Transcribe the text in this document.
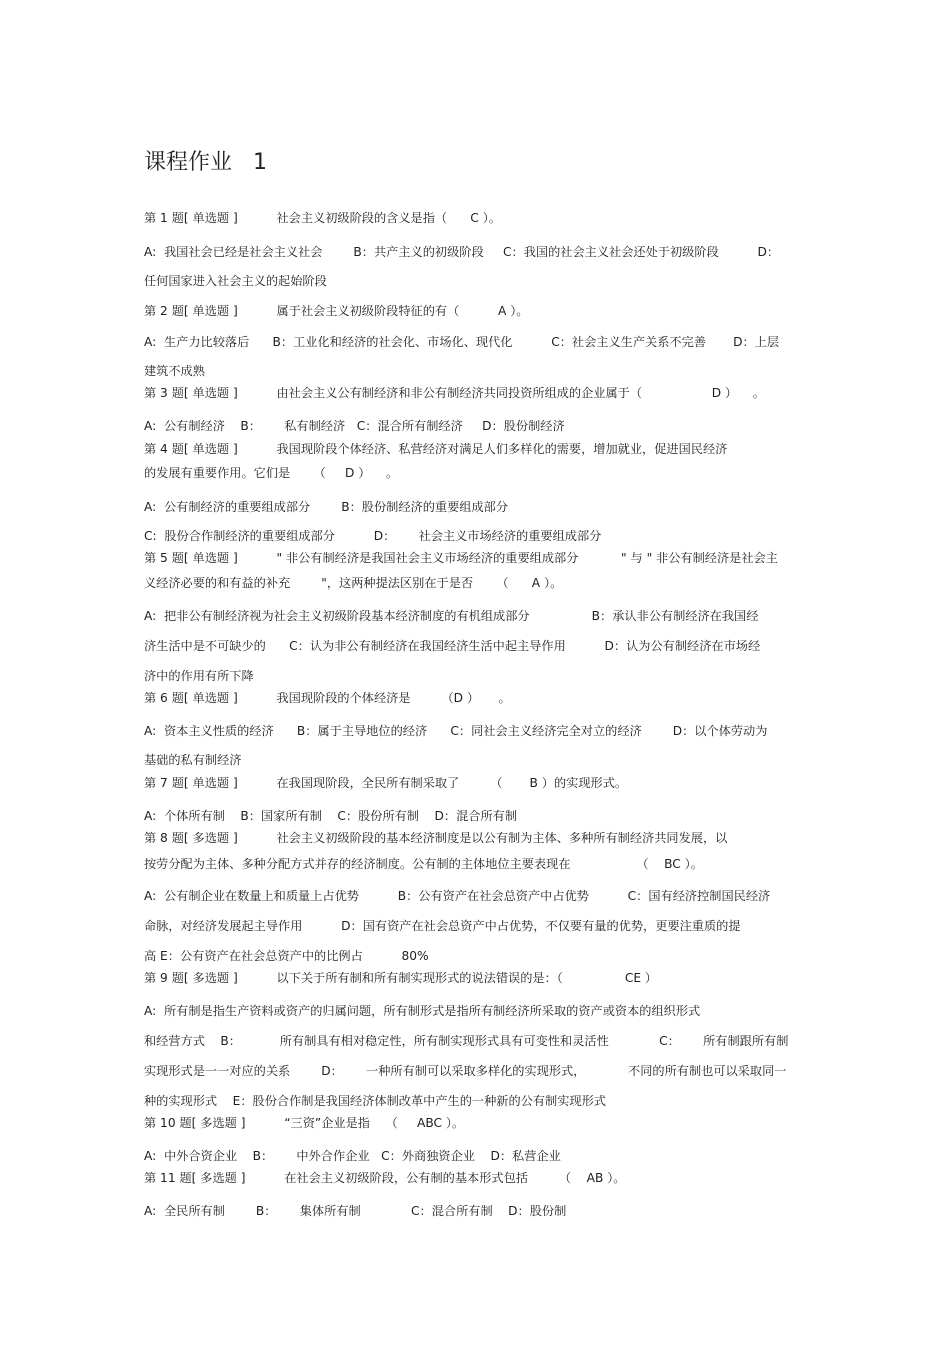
课程作业   1
第 1 题[ 单选题 ]          社会主义初级阶段的含义是指（      C ）。
A:  我国社会已经是社会主义社会        B：共产主义的初级阶段     C：我国的社会主义社会还处于初级阶段          D：
任何国家进入社会主义的起始阶段
第 2 题[ 单选题 ]          属于社会主义初级阶段特征的有（          A ）。
A:  生产力比较落后      B：工业化和经济的社会化、市场化、现代化          C：社会主义生产关系不完善       D：上层
建筑不成熟
第 3 题[ 单选题 ]          由社会主义公有制经济和非公有制经济共同投资所组成的企业属于（                  D ）    。
A:  公有制经济    B：      私有制经济   C：混合所有制经济     D：股份制经济
第 4 题[ 单选题 ]          我国现阶段个体经济、私营经济对满足人们多样化的需要，增加就业，促进国民经济
的发展有重要作用。它们是      （     D ）    。
A:  公有制经济的重要组成部分        B：股份制经济的重要组成部分
C:  股份合作制经济的重要组成部分          D：      社会主义市场经济的重要组成部分
第 5 题[ 单选题 ]          " 非公有制经济是我国社会主义市场经济的重要组成部分           " 与 " 非公有制经济是社会主
义经济必要的和有益的补充        "，这两种提法区别在于是否      （      A ）。
A:  把非公有制经济视为社会主义初级阶段基本经济制度的有机组成部分                B：承认非公有制经济在我国经
济生活中是不可缺少的      C：认为非公有制经济在我国经济生活中起主导作用          D：认为公有制经济在市场经
济中的作用有所下降
第 6 题[ 单选题 ]          我国现阶段的个体经济是        （D ）     。
A:  资本主义性质的经济      B：属于主导地位的经济      C：同社会主义经济完全对立的经济        D：以个体劳动为
基础的私有制经济
第 7 题[ 单选题 ]          在我国现阶段，全民所有制采取了        （       B ）的实现形式。
A:  个体所有制    B：国家所有制    C：股份所有制    D：混合所有制
第 8 题[ 多选题 ]          社会主义初级阶段的基本经济制度是以公有制为主体、多种所有制经济共同发展，以
按劳分配为主体、多种分配方式并存的经济制度。公有制的主体地位主要表现在                 （    BC ）。
A:  公有制企业在数量上和质量上占优势          B：公有资产在社会总资产中占优势          C：国有经济控制国民经济
命脉，对经济发展起主导作用          D：国有资产在社会总资产中占优势，不仅要有量的优势，更要注重质的提
高 E：公有资产在社会总资产中的比例占          80%
第 9 题[ 多选题 ]          以下关于所有制和所有制实现形式的说法错误的是：（                CE ）
A:  所有制是指生产资料或资产的归属问题，所有制形式是指所有制经济所采取的资产或资本的组织形式
和经营方式    B：          所有制具有相对稳定性，所有制实现形式具有可变性和灵活性             C：      所有制跟所有制
实现形式是一一对应的关系        D：      一种所有制可以采取多样化的实现形式，           不同的所有制也可以采取同一
种的实现形式    E：股份合作制是我国经济体制改革中产生的一种新的公有制实现形式
第 10 题[ 多选题 ]          “三资”企业是指    （     ABC ）。
A:  中外合资企业    B：      中外合作企业   C：外商独资企业    D：私营企业
第 11 题[ 多选题 ]          在社会主义初级阶段，公有制的基本形式包括        （    AB ）。
A:  全民所有制        B：      集体所有制             C：混合所有制    D：股份制
